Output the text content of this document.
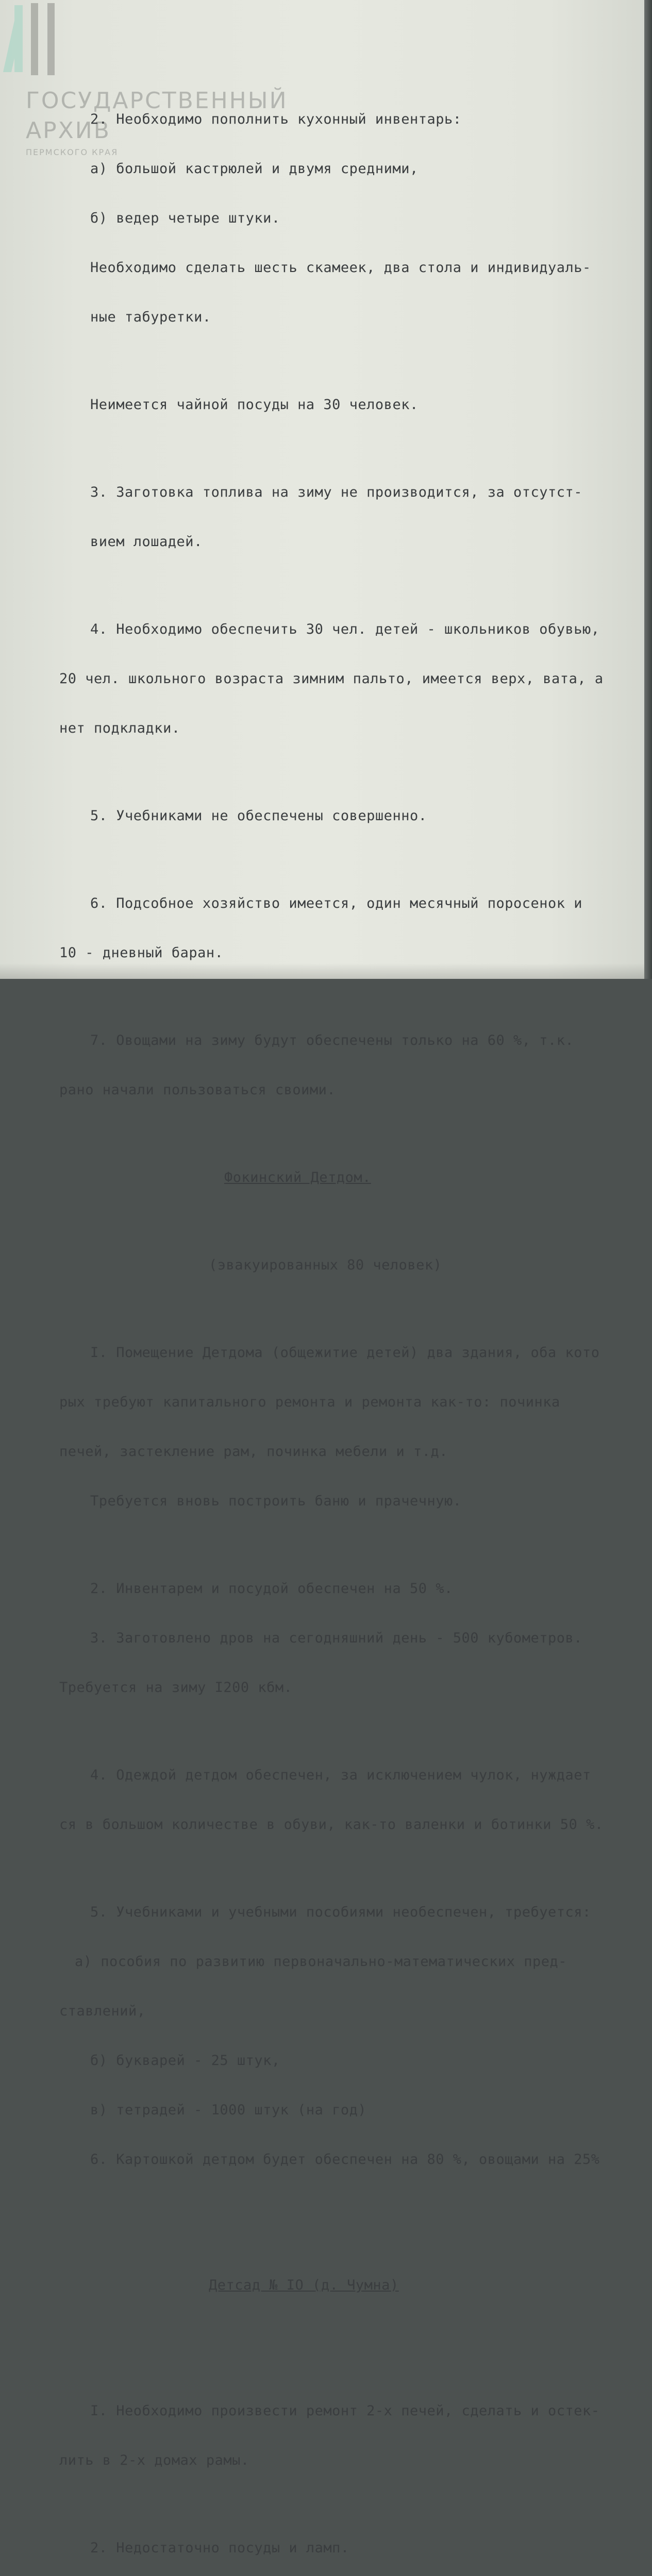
ГОСУДАРСТВЕННЫЙ
АРХИВ
ПЕРМСКОГО КРАЯ

2. Необходимо пополнить кухонный инвентарь:

а) большой кастрюлей и двумя средними,

б) ведер четыре штуки.

Необходимо сделать шесть скамеек, два стола и индивидуаль-

ные табуретки.

Неимеется чайной посуды на 30 человек.

3. Заготовка топлива на зиму не производится, за отсутст-

вием лошадей.

4. Необходимо обеспечить 30 чел. детей - школьников обувью,

20 чел. школьного возраста зимним пальто, имеется верх, вата, а

нет подкладки.

5. Учебниками не обеспечены совершенно.

6. Подсобное хозяйство имеется, один месячный поросенок и

10 - дневный баран.

7. Овощами на зиму будут обеспечены только на 60 %, т.к.

рано начали пользоваться своими.

Фокинский Детдом.

(эвакуированных 80 человек)

I. Помещение Детдома (общежитие детей) два здания, оба кото

рых требуют капитального ремонта и ремонта как-то: починка

печей, застекление рам, починка мебели и т.д.

Требуется вновь построить баню и прачечную.

2. Инвентарем и посудой обеспечен на 50 %.

3. Заготовлено дров на сегодняшний день - 500 кубометров.

Требуется на зиму I200 кбм.

4. Одеждой детдом обеспечен, за исключением чулок, нуждает

ся в большом количестве в обуви, как-то валенки и ботинки 50 %.

5. Учебниками и учебными пособиями необеспечен, требуется:

а) пособия по развитию первоначально-математических пред-

ставлений,

б) букварей - 25 штук,

в) тетрадей - 1000 штук (на год)

6. Картошкой детдом будет обеспечен на 80 %, овощами на 25%

Детсад № IO (д. Чумна)

I. Необходимо произвести ремонт 2-х печей, сделать и остек-

лить в 2-х домах рамы.

2. Недостаточно посуды и ламп.
